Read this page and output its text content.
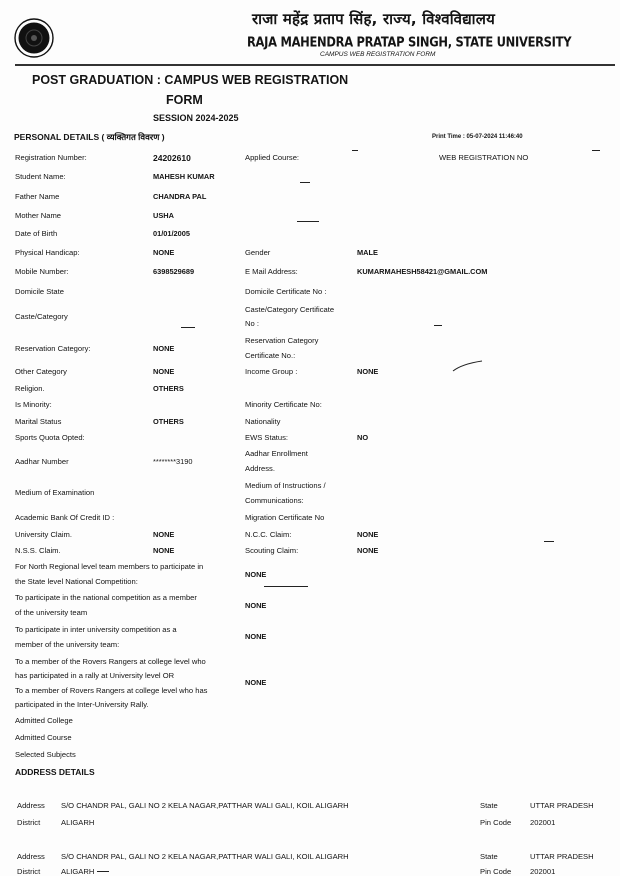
राजा महेंद्र प्रताप सिंह, राज्य, विश्वविद्यालय
RAJA MAHENDRA PRATAP SINGH, STATE UNIVERSITY
CAMPUS WEB REGISTRATION FORM
POST GRADUATION : CAMPUS WEB REGISTRATION
FORM
SESSION 2024-2025
PERSONAL DETAILS ( व्यक्तिगत विवरण )	Print Time : 05-07-2024 11:46:40
Registration Number:	24202610	Applied Course:	WEB REGISTRATION NO
Student Name:	MAHESH KUMAR
Father Name	CHANDRA PAL
Mother Name	USHA
Date of Birth	01/01/2005
Physical Handicap:	NONE	Gender	MALE
Mobile Number:	6398529689	E Mail Address:	KUMARMAHESH58421@GMAIL.COM
Domicile State	Domicile Certificate No :
Caste/Category
Caste/Category Certificate
No :
Reservation Category:	NONE
Reservation Category
Certificate No.:
Other Category	NONE	Income Group :	NONE
Religion.	OTHERS
Is Minority:	Minority Certificate No:
Marital Status	OTHERS	Nationality
Sports Quota Opted:	EWS Status:	NO
Aadhar Number	********3190
Aadhar Enrollment
Address.
Medium of Examination
Medium of Instructions /
Communications:
Academic Bank Of Credit ID :	Migration Certificate No
University Claim.	NONE	N.C.C. Claim:	NONE
N.S.S. Claim.	NONE	Scouting Claim:	NONE
For North Regional level team members to participate in
the State level National Competition:
NONE
To participate in the national competition as a member
of the university team
NONE
To participate in inter university competition as a
member of the university team:
NONE
To a member of the Rovers Rangers at college level who
has participated in a rally at University level OR
To a member of Rovers Rangers at college level who has
participated in the Inter-University Rally.
NONE
Admitted College
Admitted Course
Selected Subjects
ADDRESS DETAILS
Address S/O CHANDR PAL, GALI NO 2 KELA NAGAR,PATTHAR WALI GALI, KOIL ALIGARH	State	UTTAR PRADESH
District	ALIGARH	Pin Code 202001
Address S/O CHANDR PAL, GALI NO 2 KELA NAGAR,PATTHAR WALI GALI, KOIL ALIGARH	State	UTTAR PRADESH
District	ALIGARH	Pin Code 202001
